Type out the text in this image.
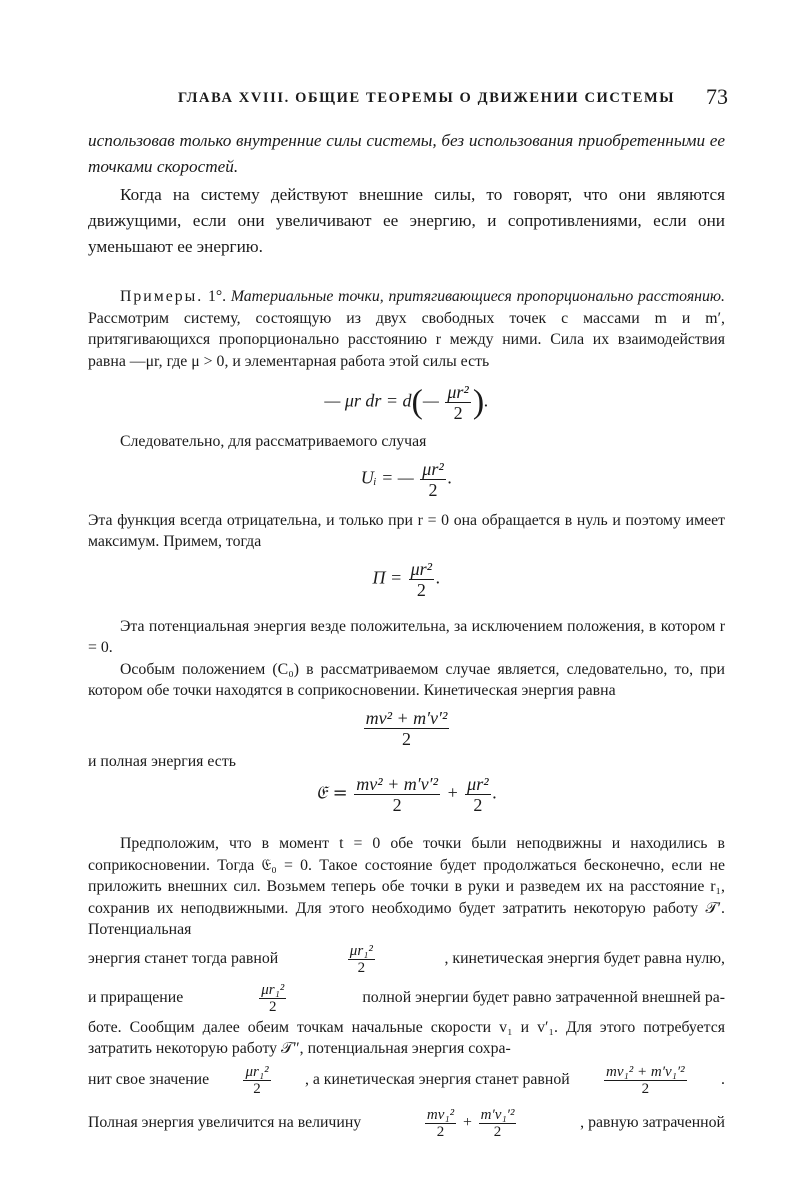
ГЛАВА XVIII. ОБЩИЕ ТЕОРЕМЫ О ДВИЖЕНИИ СИСТЕМЫ 73

использовав только внутренние силы системы, без использования приобретенными ее точками скоростей.

Когда на систему действуют внешние силы, то говорят, что они являются движущими, если они увеличивают ее энергию, и сопротивлениями, если они уменьшают ее энергию.

Примеры. 1°. Материальные точки, притягивающиеся пропорционально расстоянию. Рассмотрим систему, состоящую из двух свободных точек с массами m и m′, притягивающихся пропорционально расстоянию r между ними. Сила их взаимодействия равна —μr, где μ > 0, и элементарная работа этой силы есть

— μr dr = d(— $\frac{\text{μr²}}{2}$ ).

Следовательно, для рассматриваемого случая

Uᵢ = — $\frac{\text{μr²}}{2}$ .

Эта функция всегда отрицательна, и только при r = 0 она обращается в нуль и поэтому имеет максимум. Примем, тогда

$\Pi = \frac{\text{μr²}}{2}$ .

Эта потенциальная энергия везде положительна, за исключением положения, в котором r = 0.

Особым положением (C₀) в рассматриваемом случае является, следовательно, то, при котором обе точки находятся в соприкосновении. Кинетическая энергия равна

$\frac{\text{mv² + m′v′²}}{2}$

и полная энергия есть

𝔈 = $\frac{\text{mv² + m′v′²}}{2} + \frac{\text{μr²}}{2}$ .

Предположим, что в момент t = 0 обе точки были неподвижны и находились в соприкосновении. Тогда 𝔈₀ = 0. Такое состояние будет продолжаться бесконечно, если не приложить внешних сил. Возьмем теперь обе точки в руки и разведем их на расстояние r₁, сохранив их неподвижными. Для этого необходимо будет затратить некоторую работу 𝒯′. Потенциальная

энергия станет тогда равной	$\frac{\text{μr₁²}}{2}$	, кинетическая энергия будет равна нулю,
и приращение	$\frac{\text{μr₁²}}{2}$	полной энергии будет равно затраченной внешней ра-

боте. Сообщим далее обеим точкам начальные скорости v₁ и v′₁. Для этого потребуется затратить некоторую работу 𝒯″, потенциальная энергия сохра-

нит свое значение $\frac{\text{μr₁²}}{2}$ , а кинетическая энергия станет равной $\frac{\text{mv₁² + m′v₁′²}}{2}$ .
Полная энергия увеличится на величину	$\frac{\text{mv₁²}}{2} + \frac{\text{m′v₁′²}}{2}$	, равную затраченной
